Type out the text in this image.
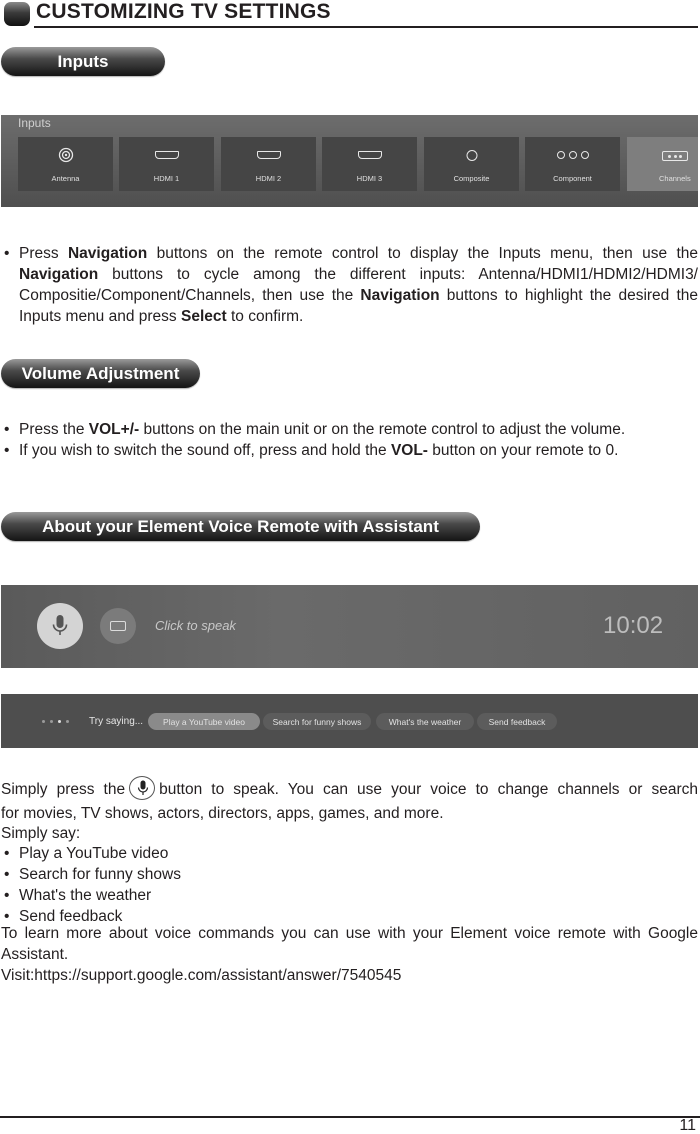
CUSTOMIZING TV SETTINGS
Inputs
Inputs
Antenna	HDMI 1	HDMI 2	HDMI 3	Composite	Component	Channels
• Press Navigation buttons on the remote control to display the Inputs menu, then use the Navigation buttons to cycle among the different inputs: Antenna/HDMI1/HDMI2/HDMI3/ Compositie/Component/Channels, then use the Navigation buttons to highlight the desired the Inputs menu and press Select to confirm.
Volume Adjustment
• Press the VOL+/- buttons on the main unit or on the remote control to adjust the volume.
• If you wish to switch the sound off, press and hold the VOL- button on your remote to 0.
About your Element Voice Remote with Assistant
Click to speak	10:02
Try saying...	Play a YouTube video	Search for funny shows	What's the weather	Send feedback
Simply press the button to speak. You can use your voice to change channels or search
for movies, TV shows, actors, directors, apps, games, and more.
Simply say:
• Play a YouTube video
• Search for funny shows
• What's the weather
• Send feedback
To learn more about voice commands you can use with your Element voice remote with Google Assistant.
Visit:https://support.google.com/assistant/answer/7540545
11
